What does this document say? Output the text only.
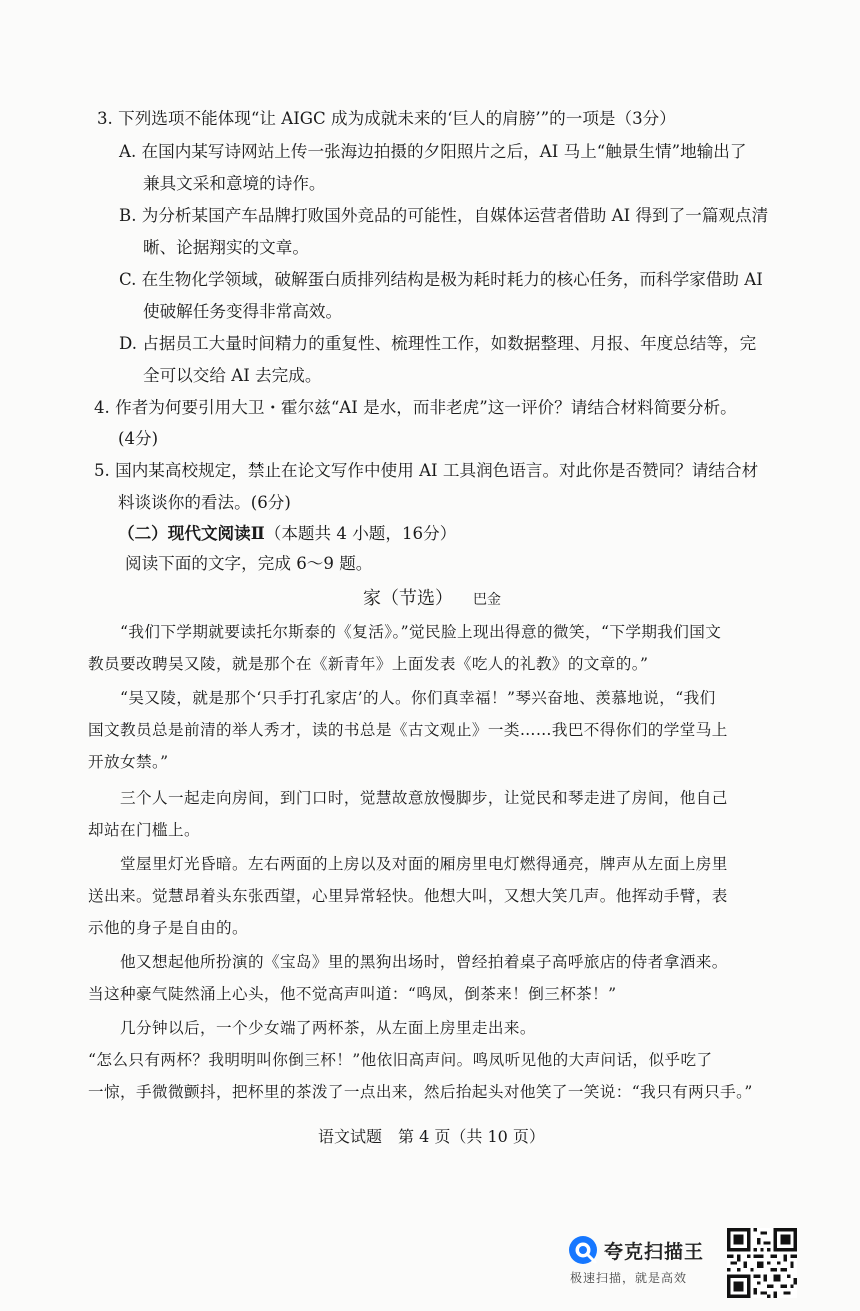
3. 下列选项不能体现“让 AIGC 成为成就未来的‘巨人的肩膀’”的一项是（3分）
A. 在国内某写诗网站上传一张海边拍摄的夕阳照片之后，AI 马上“触景生情”地输出了
兼具文采和意境的诗作。
B. 为分析某国产车品牌打败国外竞品的可能性，自媒体运营者借助 AI 得到了一篇观点清
晰、论据翔实的文章。
C. 在生物化学领域，破解蛋白质排列结构是极为耗时耗力的核心任务，而科学家借助 AI
使破解任务变得非常高效。
D. 占据员工大量时间精力的重复性、梳理性工作，如数据整理、月报、年度总结等，完
全可以交给 AI 去完成。
4. 作者为何要引用大卫・霍尔兹“AI 是水，而非老虎”这一评价？请结合材料简要分析。
(4分)
5. 国内某高校规定，禁止在论文写作中使用 AI 工具润色语言。对此你是否赞同？请结合材
料谈谈你的看法。(6分)
（二）现代文阅读Ⅱ（本题共 4 小题，16分）
阅读下面的文字，完成 6～9 题。
家（节选） 巴金
“我们下学期就要读托尔斯泰的《复活》。”觉民脸上现出得意的微笑，“下学期我们国文
教员要改聘吴又陵，就是那个在《新青年》上面发表《吃人的礼教》的文章的。”
“吴又陵，就是那个‘只手打孔家店’的人。你们真幸福！”琴兴奋地、羡慕地说，“我们
国文教员总是前清的举人秀才，读的书总是《古文观止》一类……我巴不得你们的学堂马上
开放女禁。”
三个人一起走向房间，到门口时，觉慧故意放慢脚步，让觉民和琴走进了房间，他自己
却站在门槛上。
堂屋里灯光昏暗。左右两面的上房以及对面的厢房里电灯燃得通亮，牌声从左面上房里
送出来。觉慧昂着头东张西望，心里异常轻快。他想大叫，又想大笑几声。他挥动手臂，表
示他的身子是自由的。
他又想起他所扮演的《宝岛》里的黑狗出场时，曾经拍着桌子高呼旅店的侍者拿酒来。
当这种豪气陡然涌上心头，他不觉高声叫道：“鸣凤，倒茶来！倒三杯茶！”
几分钟以后，一个少女端了两杯茶，从左面上房里走出来。
“怎么只有两杯？我明明叫你倒三杯！”他依旧高声问。鸣凤听见他的大声问话，似乎吃了
一惊，手微微颤抖，把杯里的茶泼了一点出来，然后抬起头对他笑了一笑说：“我只有两只手。”
语文试题　第 4 页（共 10 页）
夸克扫描王
极速扫描，就是高效
